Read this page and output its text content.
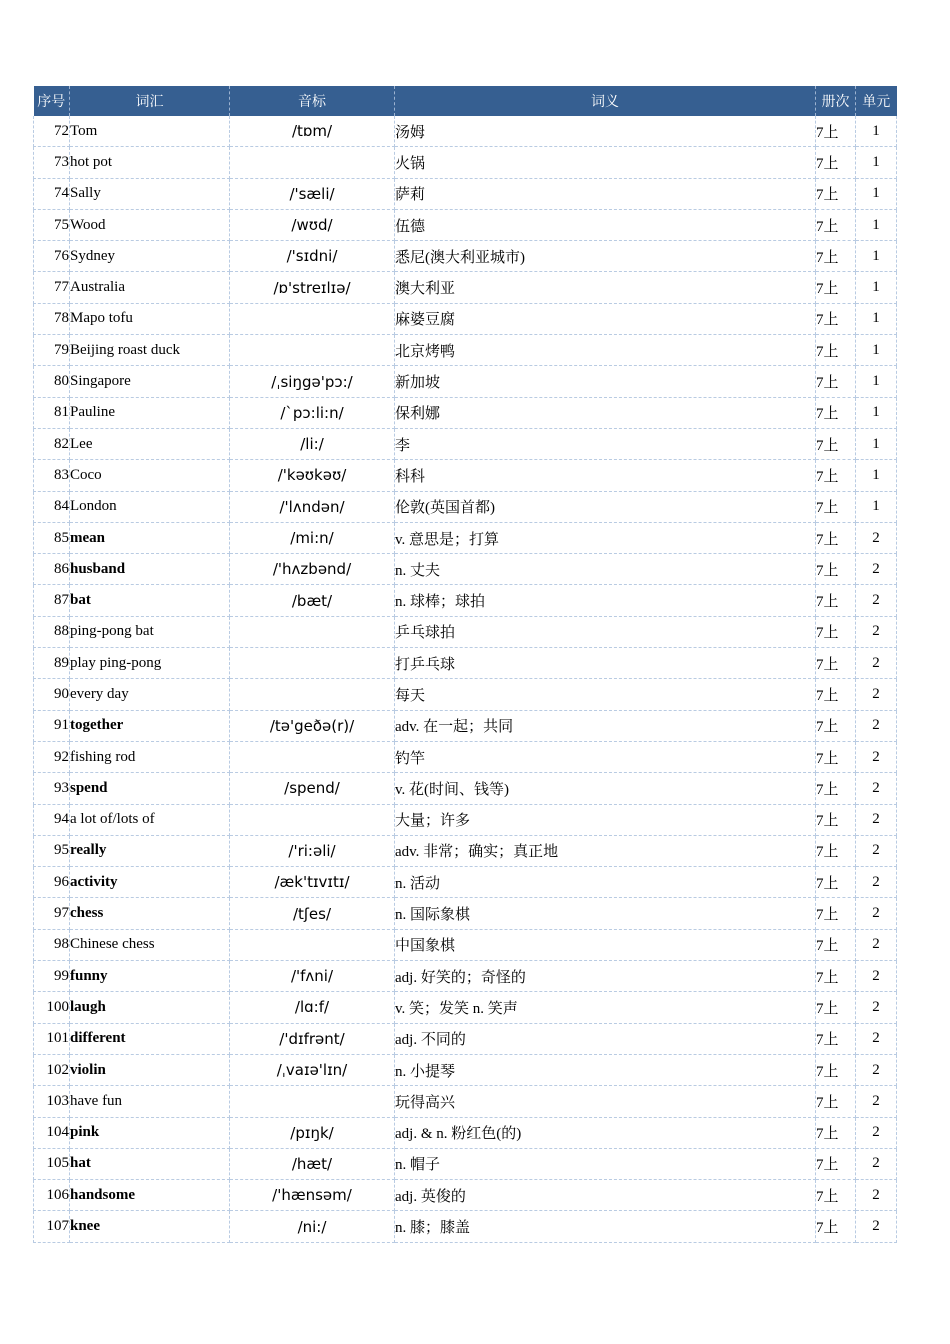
序号	词汇	音标	词义	册次	单元
72	Tom	/tɒm/	汤姆	7上	1
73	hot pot		火锅	7上	1
74	Sally	/'sæli/	萨莉	7上	1
75	Wood	/wʊd/	伍德	7上	1
76	Sydney	/'sɪdni/	悉尼(澳大利亚城市)	7上	1
77	Australia	/ɒ'streɪlɪə/	澳大利亚	7上	1
78	Mapo tofu		麻婆豆腐	7上	1
79	Beijing roast duck		北京烤鸭	7上	1
80	Singapore	/ˌsiŋgə'pɔ:/	新加坡	7上	1
81	Pauline	/ˋpɔ:li:n/	保利娜	7上	1
82	Lee	/li:/	李	7上	1
83	Coco	/'kəʊkəʊ/	科科	7上	1
84	London	/'lʌndən/	伦敦(英国首都)	7上	1
85	mean	/mi:n/	v. 意思是；打算	7上	2
86	husband	/'hʌzbənd/	n. 丈夫	7上	2
87	bat	/bæt/	n. 球棒；球拍	7上	2
88	ping-pong bat		乒乓球拍	7上	2
89	play ping-pong		打乒乓球	7上	2
90	every day		每天	7上	2
91	together	/tə'geðə(r)/	adv. 在一起；共同	7上	2
92	fishing rod		钓竿	7上	2
93	spend	/spend/	v. 花(时间、钱等)	7上	2
94	a lot of/lots of		大量；许多	7上	2
95	really	/'ri:əli/	adv. 非常；确实；真正地	7上	2
96	activity	/æk'tɪvɪtɪ/	n. 活动	7上	2
97	chess	/tʃes/	n. 国际象棋	7上	2
98	Chinese chess		中国象棋	7上	2
99	funny	/'fʌni/	adj. 好笑的；奇怪的	7上	2
100	laugh	/lɑ:f/	v. 笑；发笑 n. 笑声	7上	2
101	different	/'dɪfrənt/	adj. 不同的	7上	2
102	violin	/ˌvaɪə'lɪn/	n. 小提琴	7上	2
103	have fun		玩得高兴	7上	2
104	pink	/pɪŋk/	adj. & n. 粉红色(的)	7上	2
105	hat	/hæt/	n. 帽子	7上	2
106	handsome	/'hænsəm/	adj. 英俊的	7上	2
107	knee	/ni:/	n. 膝；膝盖	7上	2
